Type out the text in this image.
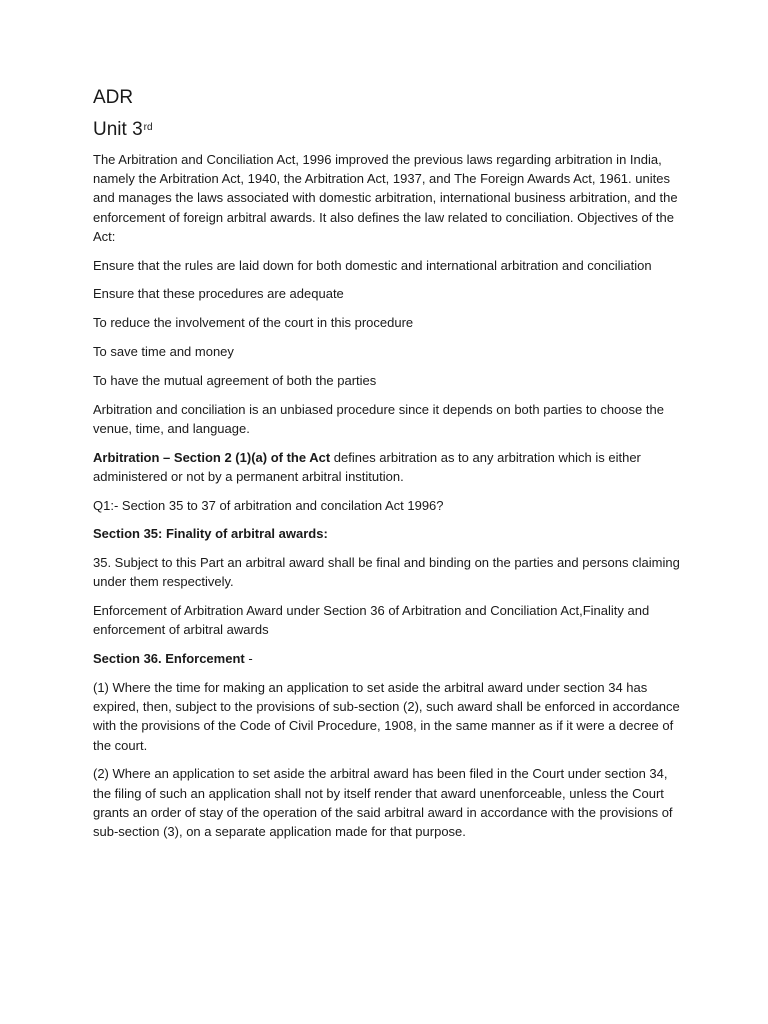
ADR
Unit 3rd

The Arbitration and Conciliation Act, 1996 improved the previous laws regarding arbitration in India, namely the Arbitration Act, 1940, the Arbitration Act, 1937, and The Foreign Awards Act, 1961. unites and manages the laws associated with domestic arbitration, international business arbitration, and the enforcement of foreign arbitral awards. It also defines the law related to conciliation. Objectives of the Act:

Ensure that the rules are laid down for both domestic and international arbitration and conciliation

Ensure that these procedures are adequate

To reduce the involvement of the court in this procedure

To save time and money

To have the mutual agreement of both the parties

Arbitration and conciliation is an unbiased procedure since it depends on both parties to choose the venue, time, and language.

Arbitration – Section 2 (1)(a) of the Act defines arbitration as to any arbitration which is either administered or not by a permanent arbitral institution.

Q1:- Section 35 to 37 of arbitration and concilation Act 1996?

Section 35: Finality of arbitral awards:

35. Subject to this Part an arbitral award shall be final and binding on the parties and persons claiming under them respectively.

Enforcement of Arbitration Award under Section 36 of Arbitration and Conciliation Act,Finality and enforcement of arbitral awards

Section 36. Enforcement -

(1) Where the time for making an application to set aside the arbitral award under section 34 has expired, then, subject to the provisions of sub-section (2), such award shall be enforced in accordance with the provisions of the Code of Civil Procedure, 1908, in the same manner as if it were a decree of the court.

(2) Where an application to set aside the arbitral award has been filed in the Court under section 34, the filing of such an application shall not by itself render that award unenforceable, unless the Court grants an order of stay of the operation of the said arbitral award in accordance with the provisions of sub-section (3), on a separate application made for that purpose.
